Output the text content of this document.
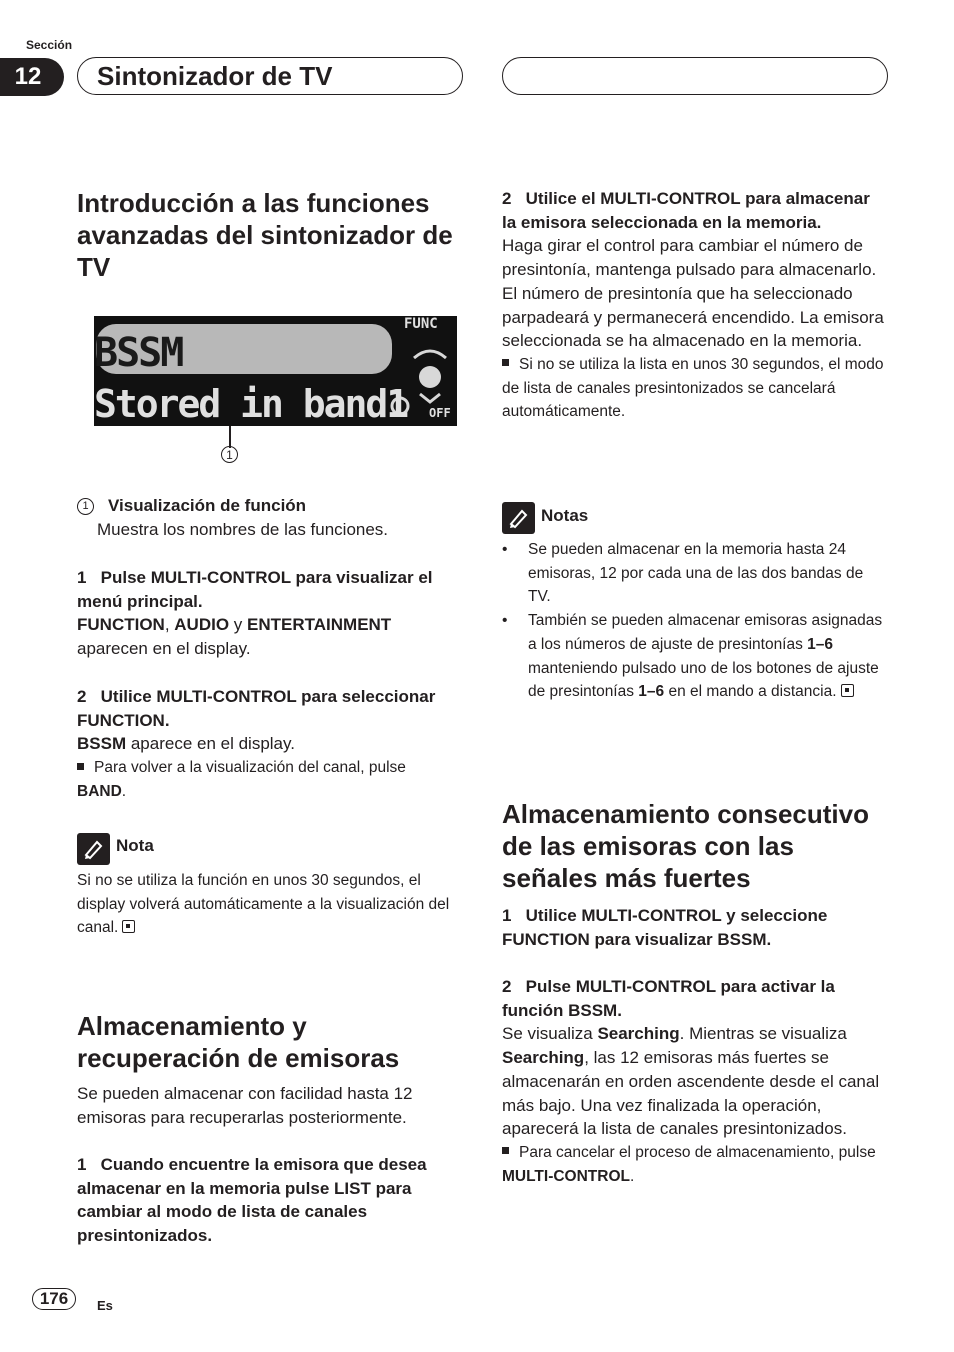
Sección
12	Sintonizador de TV
Introducción a las funciones avanzadas del sintonizador de TV
BSSM
Stored in band1
FUNC
OFF
1
1 Visualización de función
Muestra los nombres de las funciones.
1 Pulse MULTI-CONTROL para visualizar el menú principal.
FUNCTION, AUDIO y ENTERTAINMENT aparecen en el display.
2 Utilice MULTI-CONTROL para seleccionar FUNCTION.
BSSM aparece en el display.
Para volver a la visualización del canal, pulse BAND.
Nota
Si no se utiliza la función en unos 30 segundos, el display volverá automáticamente a la visualización del canal.
Almacenamiento y recuperación de emisoras
Se pueden almacenar con facilidad hasta 12 emisoras para recuperarlas posteriormente.
1 Cuando encuentre la emisora que desea almacenar en la memoria pulse LIST para cambiar al modo de lista de canales presintonizados.
2 Utilice el MULTI-CONTROL para almacenar la emisora seleccionada en la memoria.
Haga girar el control para cambiar el número de presintonía, mantenga pulsado para almacenarlo.
El número de presintonía que ha seleccionado parpadeará y permanecerá encendido. La emisora seleccionada se ha almacenado en la memoria.
Si no se utiliza la lista en unos 30 segundos, el modo de lista de canales presintonizados se cancelará automáticamente.
Notas
• Se pueden almacenar en la memoria hasta 24 emisoras, 12 por cada una de las dos bandas de TV.
• También se pueden almacenar emisoras asignadas a los números de ajuste de presintonías 1–6 manteniendo pulsado uno de los botones de ajuste de presintonías 1–6 en el mando a distancia.
Almacenamiento consecutivo de las emisoras con las señales más fuertes
1 Utilice MULTI-CONTROL y seleccione FUNCTION para visualizar BSSM.
2 Pulse MULTI-CONTROL para activar la función BSSM.
Se visualiza Searching. Mientras se visualiza Searching, las 12 emisoras más fuertes se almacenarán en orden ascendente desde el canal más bajo. Una vez finalizada la operación, aparecerá la lista de canales presintonizados.
Para cancelar el proceso de almacenamiento, pulse MULTI-CONTROL.
176	Es
